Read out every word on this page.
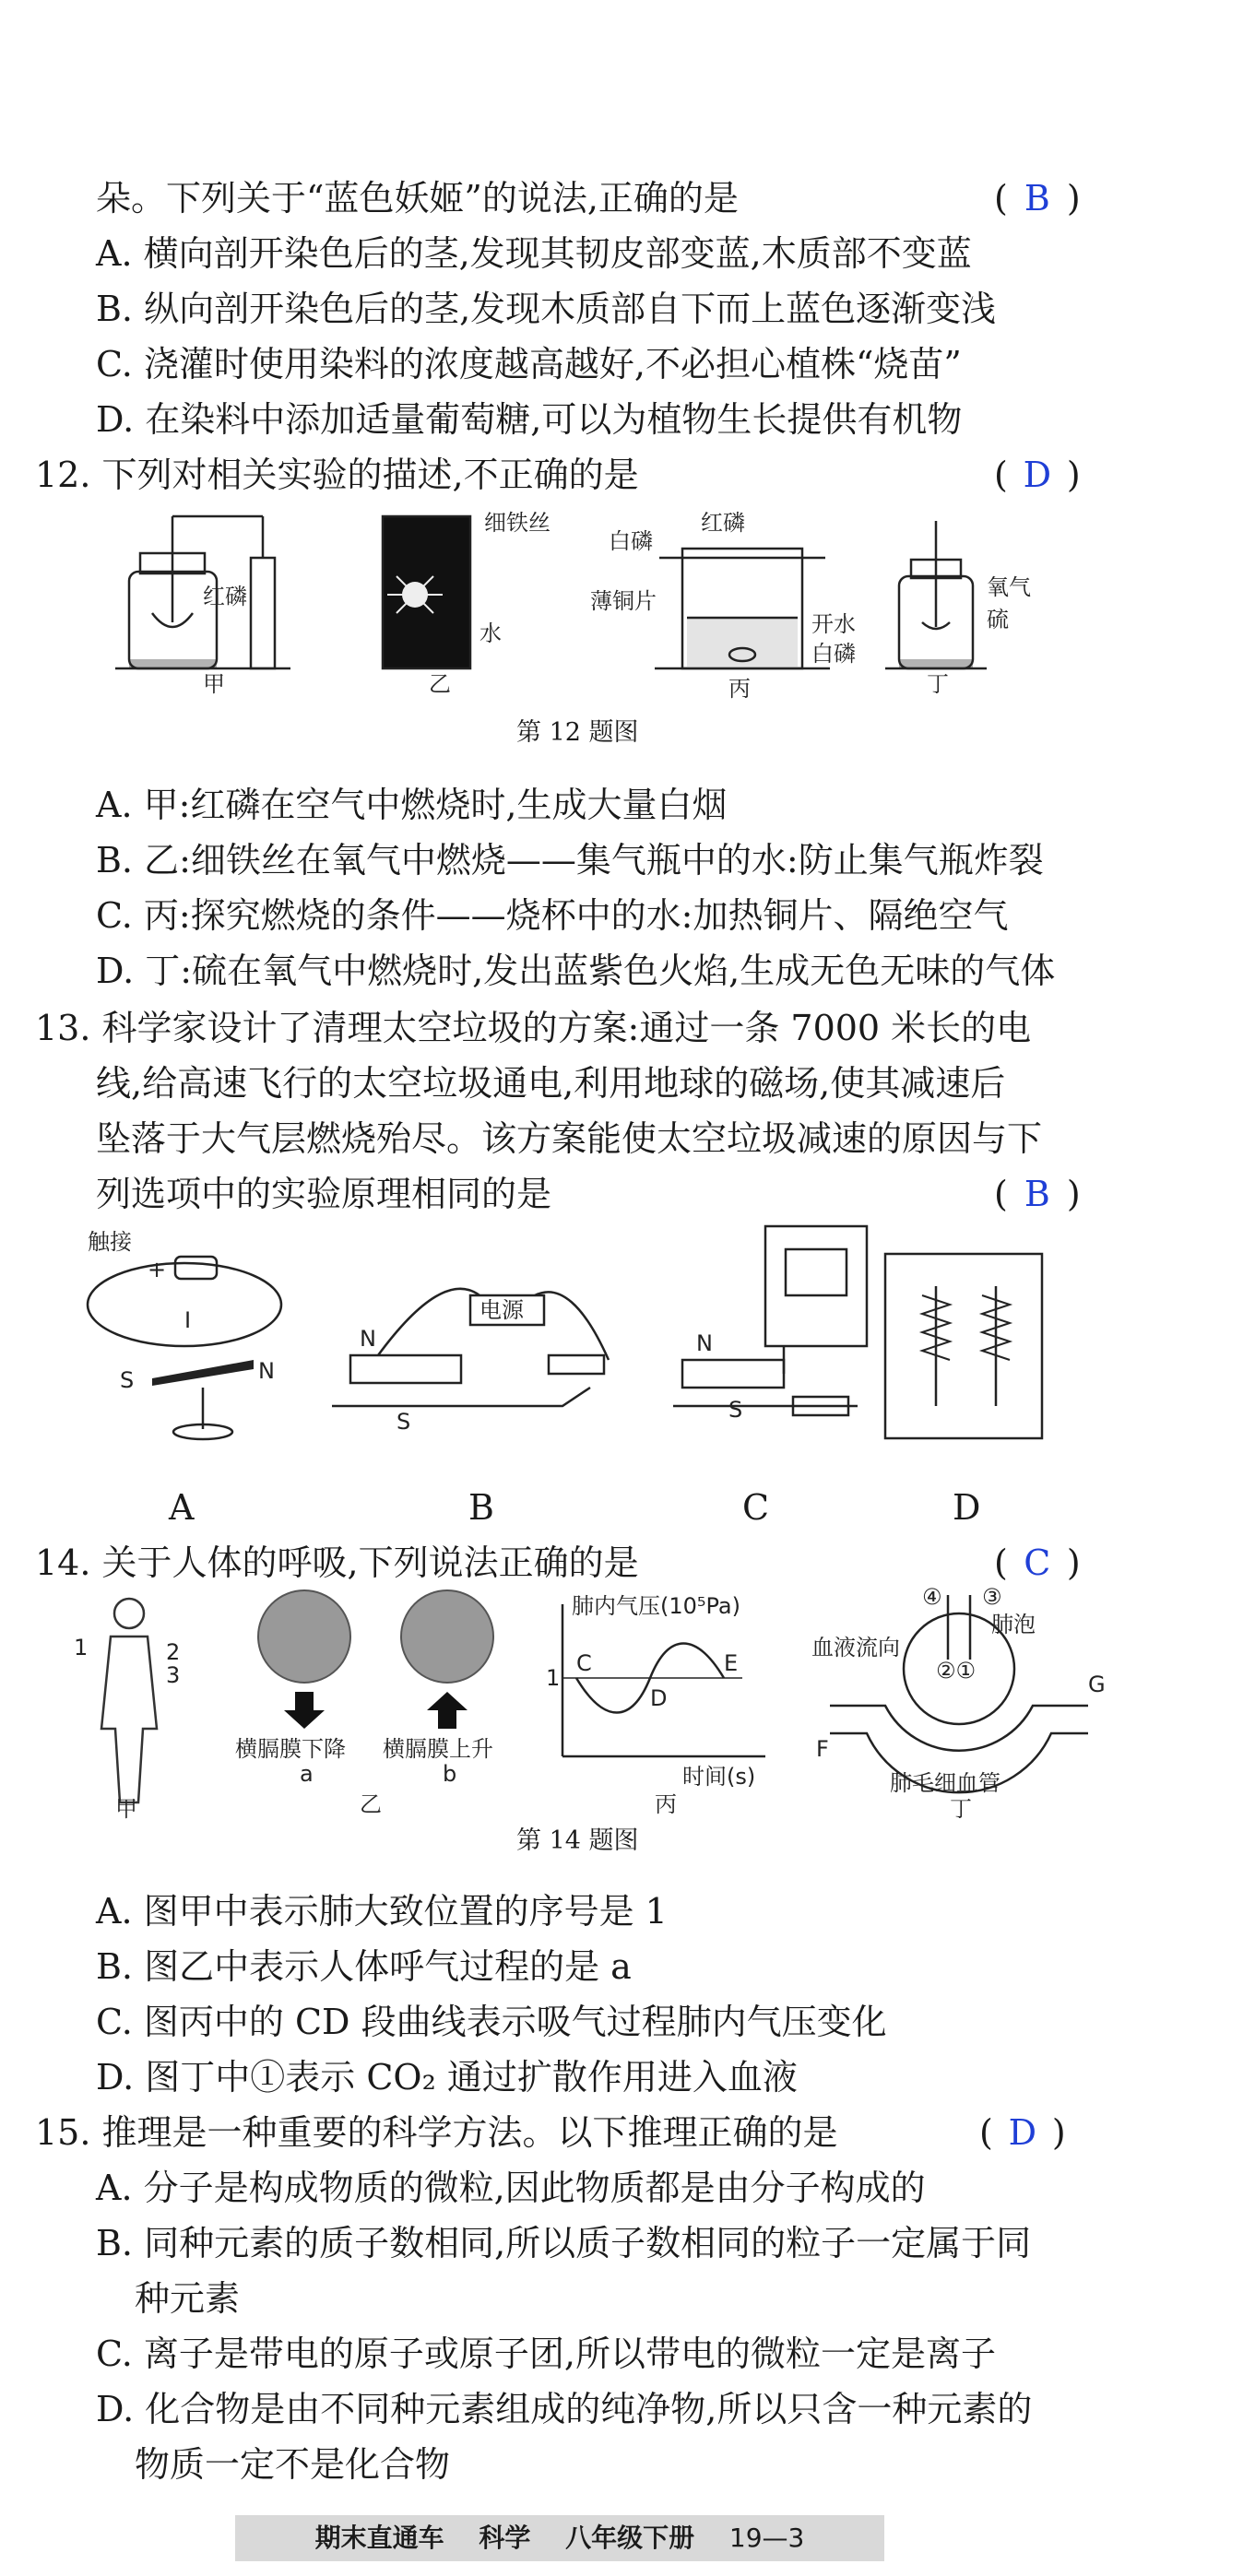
朵。下列关于“蓝色妖姬”的说法,正确的是	( B )
A. 横向剖开染色后的茎,发现其韧皮部变蓝,木质部不变蓝
B. 纵向剖开染色后的茎,发现木质部自下而上蓝色逐渐变浅
C. 浇灌时使用染料的浓度越高越好,不必担心植株“烧苗”
D. 在染料中添加适量葡萄糖,可以为植物生长提供有机物
12. 下列对相关实验的描述,不正确的是	( D )
红磷
甲
细铁丝
水
乙
白磷
红磷
薄铜片
开水
白磷
丙
氧气
硫
丁
第 12 题图
A. 甲:红磷在空气中燃烧时,生成大量白烟
B. 乙:细铁丝在氧气中燃烧——集气瓶中的水:防止集气瓶炸裂
C. 丙:探究燃烧的条件——烧杯中的水:加热铜片、隔绝空气
D. 丁:硫在氧气中燃烧时,发出蓝紫色火焰,生成无色无味的气体
13. 科学家设计了清理太空垃圾的方案:通过一条 7000 米长的电
线,给高速飞行的太空垃圾通电,利用地球的磁场,使其减速后
坠落于大气层燃烧殆尽。该方案能使太空垃圾减速的原因与下
列选项中的实验原理相同的是	( B )
触接
+
I
N
S
N
S
电源
N
S
A	B	C	D
14. 关于人体的呼吸,下列说法正确的是	( C )
1	2
3
甲
横膈膜下降
a
横膈膜上升
b
乙
肺内气压(10⁵Pa)
1
C
D
E
时间(s)
丙
④ ③
肺泡
血液流向
②①
G
F
肺毛细血管
丁
第 14 题图
A. 图甲中表示肺大致位置的序号是 1
B. 图乙中表示人体呼气过程的是 a
C. 图丙中的 CD 段曲线表示吸气过程肺内气压变化
D. 图丁中①表示 CO₂ 通过扩散作用进入血液
15. 推理是一种重要的科学方法。以下推理正确的是	( D )
A. 分子是构成物质的微粒,因此物质都是由分子构成的
B. 同种元素的质子数相同,所以质子数相同的粒子一定属于同
种元素
C. 离子是带电的原子或原子团,所以带电的微粒一定是离子
D. 化合物是由不同种元素组成的纯净物,所以只含一种元素的
物质一定不是化合物
期末直通车 科学 八年级下册 19—3
